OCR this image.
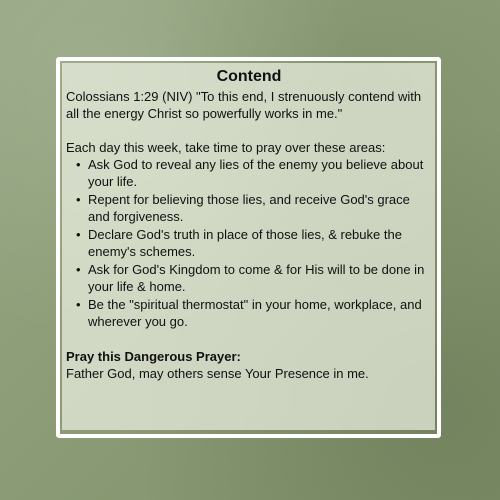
Contend

Colossians 1:29 (NIV) "To this end, I strenuously contend with all the energy Christ so powerfully works in me."

Each day this week, take time to pray over these areas:

• Ask God to reveal any lies of the enemy you believe about your life.
• Repent for believing those lies, and receive God's grace and forgiveness.
• Declare God's truth in place of those lies, & rebuke the enemy's schemes.
• Ask for God's Kingdom to come & for His will to be done in your life & home.
• Be the "spiritual thermostat" in your home, workplace, and wherever you go.

Pray this Dangerous Prayer:

Father God, may others sense Your Presence in me.
